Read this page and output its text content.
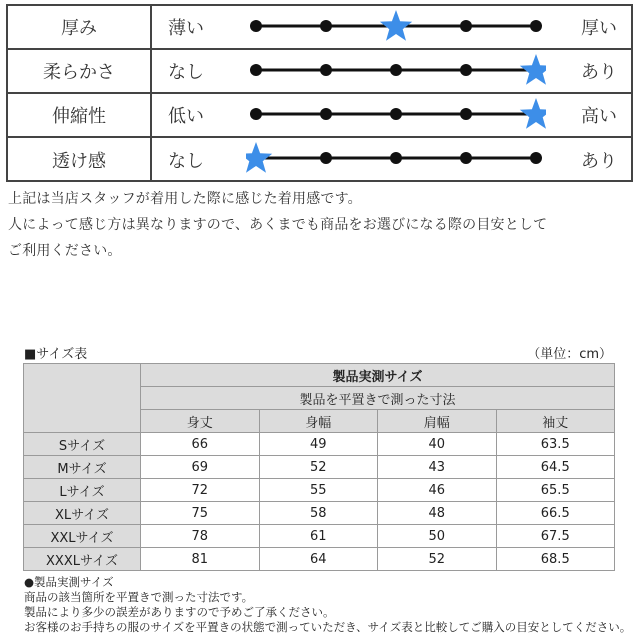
厚み	薄い	厚い
柔らかさ	なし	あり
伸縮性	低い	高い
透け感	なし	あり
上記は当店スタッフが着用した際に感じた着用感です。
人によって感じ方は異なりますので、あくまでも商品をお選びになる際の目安として
ご利用ください。
■サイズ表	（単位：cm）
	製品実測サイズ			
	製品を平置きで測った寸法			
	身丈	身幅	肩幅	袖丈
Sサイズ	66	49	40	63.5
Mサイズ	69	52	43	64.5
Lサイズ	72	55	46	65.5
XLサイズ	75	58	48	66.5
XXLサイズ	78	61	50	67.5
XXXLサイズ	81	64	52	68.5
●製品実測サイズ
商品の該当箇所を平置きで測った寸法です。
製品により多少の誤差がありますので予めご了承ください。
お客様のお手持ちの服のサイズを平置きの状態で測っていただき、サイズ表と比較してご購入の目安としてください。
